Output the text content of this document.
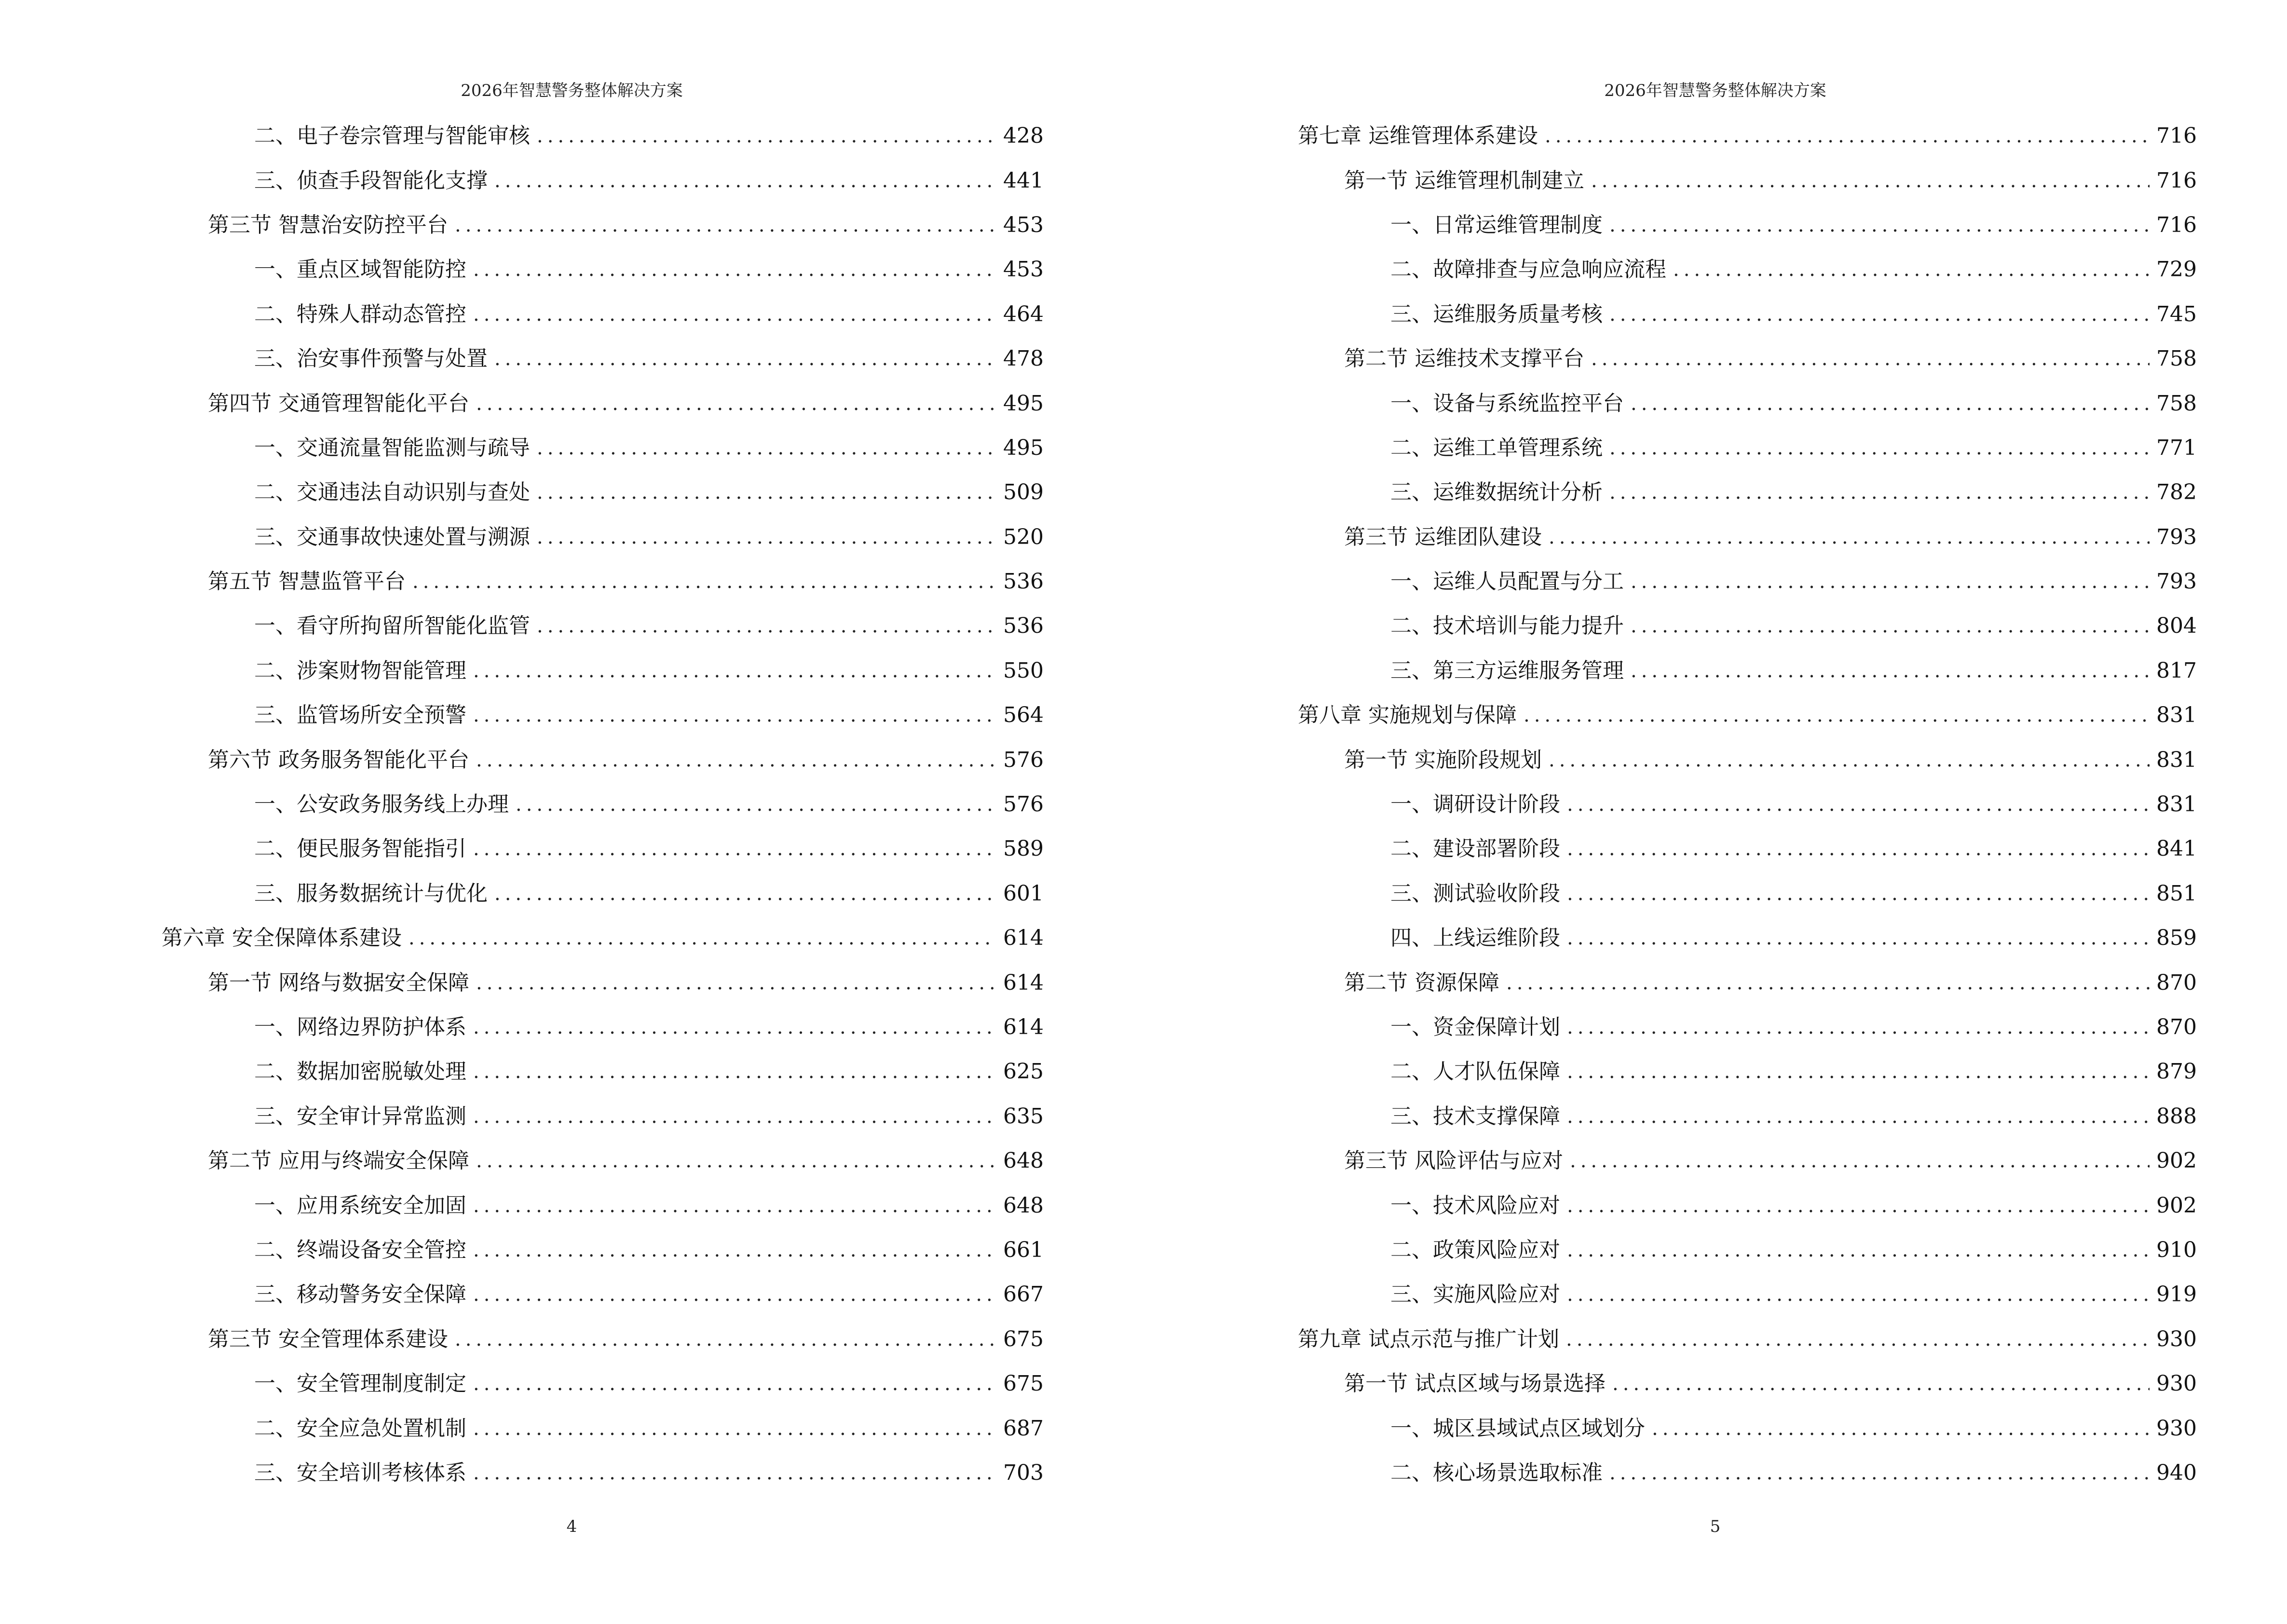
2026年智慧警务整体解决方案
二、电子卷宗管理与智能审核 .....	428
三、侦查手段智能化支撑 .....	441
第三节 智慧治安防控平台 .....	453
一、重点区域智能防控 .....	453
二、特殊人群动态管控 .....	464
三、治安事件预警与处置 .....	478
第四节 交通管理智能化平台 .....	495
一、交通流量智能监测与疏导 .....	495
二、交通违法自动识别与查处 .....	509
三、交通事故快速处置与溯源 .....	520
第五节 智慧监管平台 .....	536
一、看守所拘留所智能化监管 .....	536
二、涉案财物智能管理 .....	550
三、监管场所安全预警 .....	564
第六节 政务服务智能化平台 .....	576
一、公安政务服务线上办理 .....	576
二、便民服务智能指引 .....	589
三、服务数据统计与优化 .....	601
第六章 安全保障体系建设 .....	614
第一节 网络与数据安全保障 .....	614
一、网络边界防护体系 .....	614
二、数据加密脱敏处理 .....	625
三、安全审计异常监测 .....	635
第二节 应用与终端安全保障 .....	648
一、应用系统安全加固 .....	648
二、终端设备安全管控 .....	661
三、移动警务安全保障 .....	667
第三节 安全管理体系建设 .....	675
一、安全管理制度制定 .....	675
二、安全应急处置机制 .....	687
三、安全培训考核体系 .....	703
4
2026年智慧警务整体解决方案
第七章 运维管理体系建设 .....	716
第一节 运维管理机制建立 .....	716
一、日常运维管理制度 .....	716
二、故障排查与应急响应流程 .....	729
三、运维服务质量考核 .....	745
第二节 运维技术支撑平台 .....	758
一、设备与系统监控平台 .....	758
二、运维工单管理系统 .....	771
三、运维数据统计分析 .....	782
第三节 运维团队建设 .....	793
一、运维人员配置与分工 .....	793
二、技术培训与能力提升 .....	804
三、第三方运维服务管理 .....	817
第八章 实施规划与保障 .....	831
第一节 实施阶段规划 .....	831
一、调研设计阶段 .....	831
二、建设部署阶段 .....	841
三、测试验收阶段 .....	851
四、上线运维阶段 .....	859
第二节 资源保障 .....	870
一、资金保障计划 .....	870
二、人才队伍保障 .....	879
三、技术支撑保障 .....	888
第三节 风险评估与应对 .....	902
一、技术风险应对 .....	902
二、政策风险应对 .....	910
三、实施风险应对 .....	919
第九章 试点示范与推广计划 .....	930
第一节 试点区域与场景选择 .....	930
一、城区县域试点区域划分 .....	930
二、核心场景选取标准 .....	940
5
